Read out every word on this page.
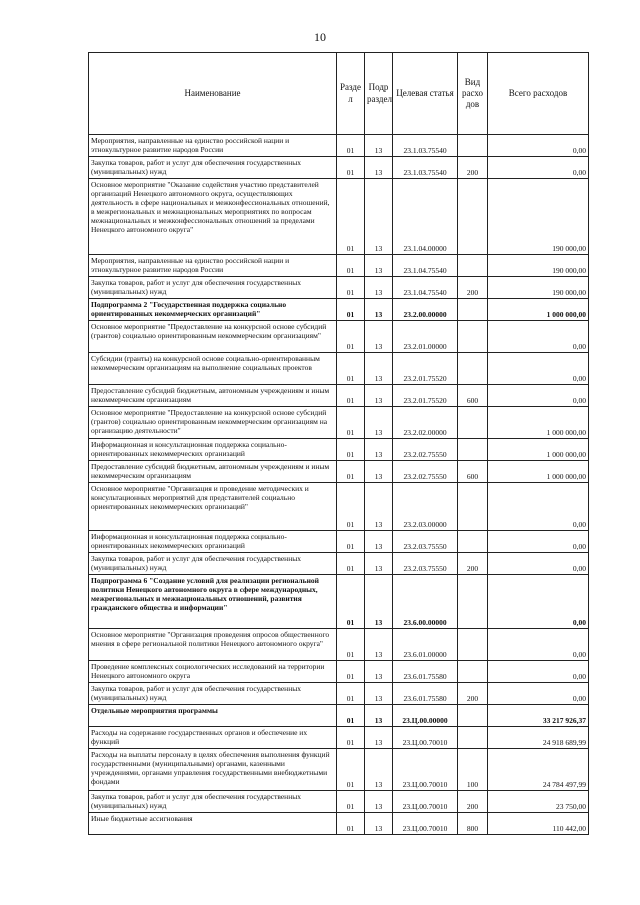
10
Наименование	Разде л	Подр раздел	Целевая статья	Вид расхо дов	Всего расходов
Мероприятия, направленные на единство российской нации и этнокультурное развитие народов России	01	13	23.1.03.75540		0,00
Закупка товаров, работ и услуг для обеспечения государственных (муниципальных) нужд	01	13	23.1.03.75540	200	0,00
Основное мероприятие "Оказание содействия участию представителей организаций Ненецкого автономного округа, осуществляющих деятельность в сфере национальных и межконфессиональных отношений, в межрегиональных и межнациональных мероприятиях по вопросам межнациональных и межконфессиональных отношений за пределами Ненецкого автономного округа"	01	13	23.1.04.00000		190 000,00
Мероприятия, направленные на единство российской нации и этнокультурное развитие народов России	01	13	23.1.04.75540		190 000,00
Закупка товаров, работ и услуг для обеспечения государственных (муниципальных) нужд	01	13	23.1.04.75540	200	190 000,00
Подпрограмма 2 "Государственная поддержка социально ориентированных некоммерческих организаций"	01	13	23.2.00.00000		1 000 000,00
Основное мероприятие "Предоставление на конкурсной основе субсидий (грантов) социально ориентированным некоммерческим организациям"	01	13	23.2.01.00000		0,00
Субсидии (гранты) на конкурсной основе социально-ориентированным некоммерческим организациям на выполнение социальных проектов	01	13	23.2.01.75520		0,00
Предоставление субсидий бюджетным, автономным учреждениям и иным некоммерческим организациям	01	13	23.2.01.75520	600	0,00
Основное мероприятие "Предоставление на конкурсной основе субсидий (грантов) социально ориентированным некоммерческим организациям на организацию деятельности"	01	13	23.2.02.00000		1 000 000,00
Информационная и консультационная поддержка социально-ориентированных некоммерческих организаций	01	13	23.2.02.75550		1 000 000,00
Предоставление субсидий бюджетным, автономным учреждениям и иным некоммерческим организациям	01	13	23.2.02.75550	600	1 000 000,00
Основное мероприятие "Организация и проведение методических и консультационных мероприятий для представителей социально ориентированных некоммерческих организаций"	01	13	23.2.03.00000		0,00
Информационная и консультационная поддержка социально-ориентированных некоммерческих организаций	01	13	23.2.03.75550		0,00
Закупка товаров, работ и услуг для обеспечения государственных (муниципальных) нужд	01	13	23.2.03.75550	200	0,00
Подпрограмма 6 "Создание условий для реализации региональной политики Ненецкого автономного округа в сфере международных, межрегиональных и межнациональных отношений, развития гражданского общества и информации"	01	13	23.6.00.00000		0,00
Основное мероприятие "Организация проведения опросов общественного мнения в сфере региональной политики Ненецкого автономного округа"	01	13	23.6.01.00000		0,00
Проведение комплексных социологических исследований на территории Ненецкого автономного округа	01	13	23.6.01.75580		0,00
Закупка товаров, работ и услуг для обеспечения государственных (муниципальных) нужд	01	13	23.6.01.75580	200	0,00
Отдельные мероприятия программы	01	13	23.Ц.00.00000		33 217 926,37
Расходы на содержание государственных органов и обеспечение их функций	01	13	23.Ц.00.70010		24 918 689,99
Расходы на выплаты персоналу в целях обеспечения выполнения функций государственными (муниципальными) органами, казенными учреждениями, органами управления государственными внебюджетными фондами	01	13	23.Ц.00.70010	100	24 784 497,99
Закупка товаров, работ и услуг для обеспечения государственных (муниципальных) нужд	01	13	23.Ц.00.70010	200	23 750,00
Иные бюджетные ассигнования	01	13	23.Ц.00.70010	800	110 442,00
